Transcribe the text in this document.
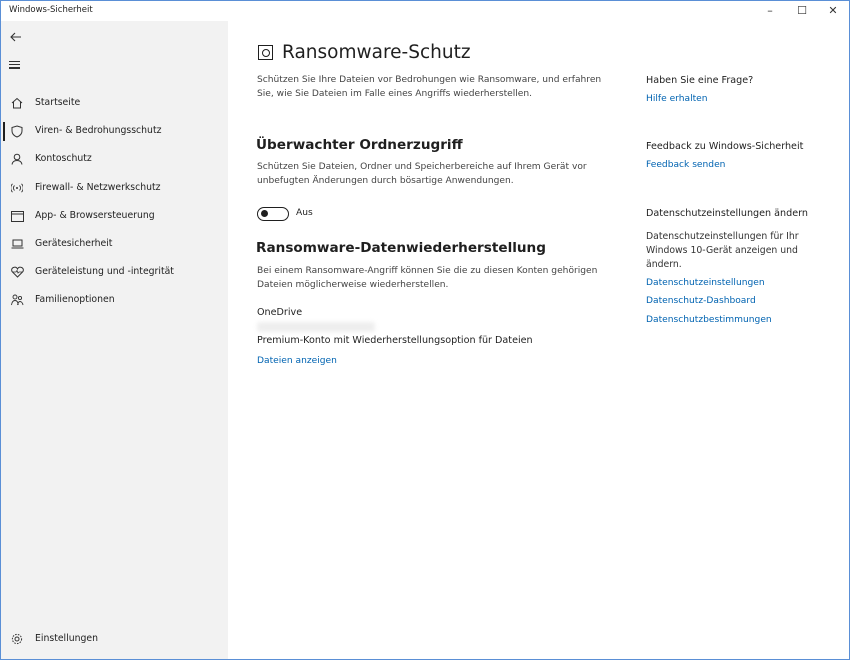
Windows-Sicherheit	–	☐	✕
Startseite
Viren- & Bedrohungsschutz
Kontoschutz
Firewall- & Netzwerkschutz
App- & Browsersteuerung
Gerätesicherheit
Geräteleistung und -integrität
Familienoptionen
Einstellungen
Ransomware-Schutz

Schützen Sie Ihre Dateien vor Bedrohungen wie Ransomware, und erfahren Sie, wie Sie Dateien im Falle eines Angriffs wiederherstellen.

Überwachter Ordnerzugriff

Schützen Sie Dateien, Ordner und Speicherbereiche auf Ihrem Gerät vor unbefugten Änderungen durch bösartige Anwendungen.

Aus
Ransomware-Datenwiederherstellung

Bei einem Ransomware-Angriff können Sie die zu diesen Konten gehörigen Dateien möglicherweise wiederherstellen.

OneDrive
Premium-Konto mit Wiederherstellungsoption für Dateien
Dateien anzeigen
Haben Sie eine Frage?
Hilfe erhalten
Feedback zu Windows-Sicherheit
Feedback senden
Datenschutzeinstellungen ändern

Datenschutzeinstellungen für Ihr Windows 10-Gerät anzeigen und ändern.

Datenschutzeinstellungen
Datenschutz-Dashboard
Datenschutzbestimmungen
